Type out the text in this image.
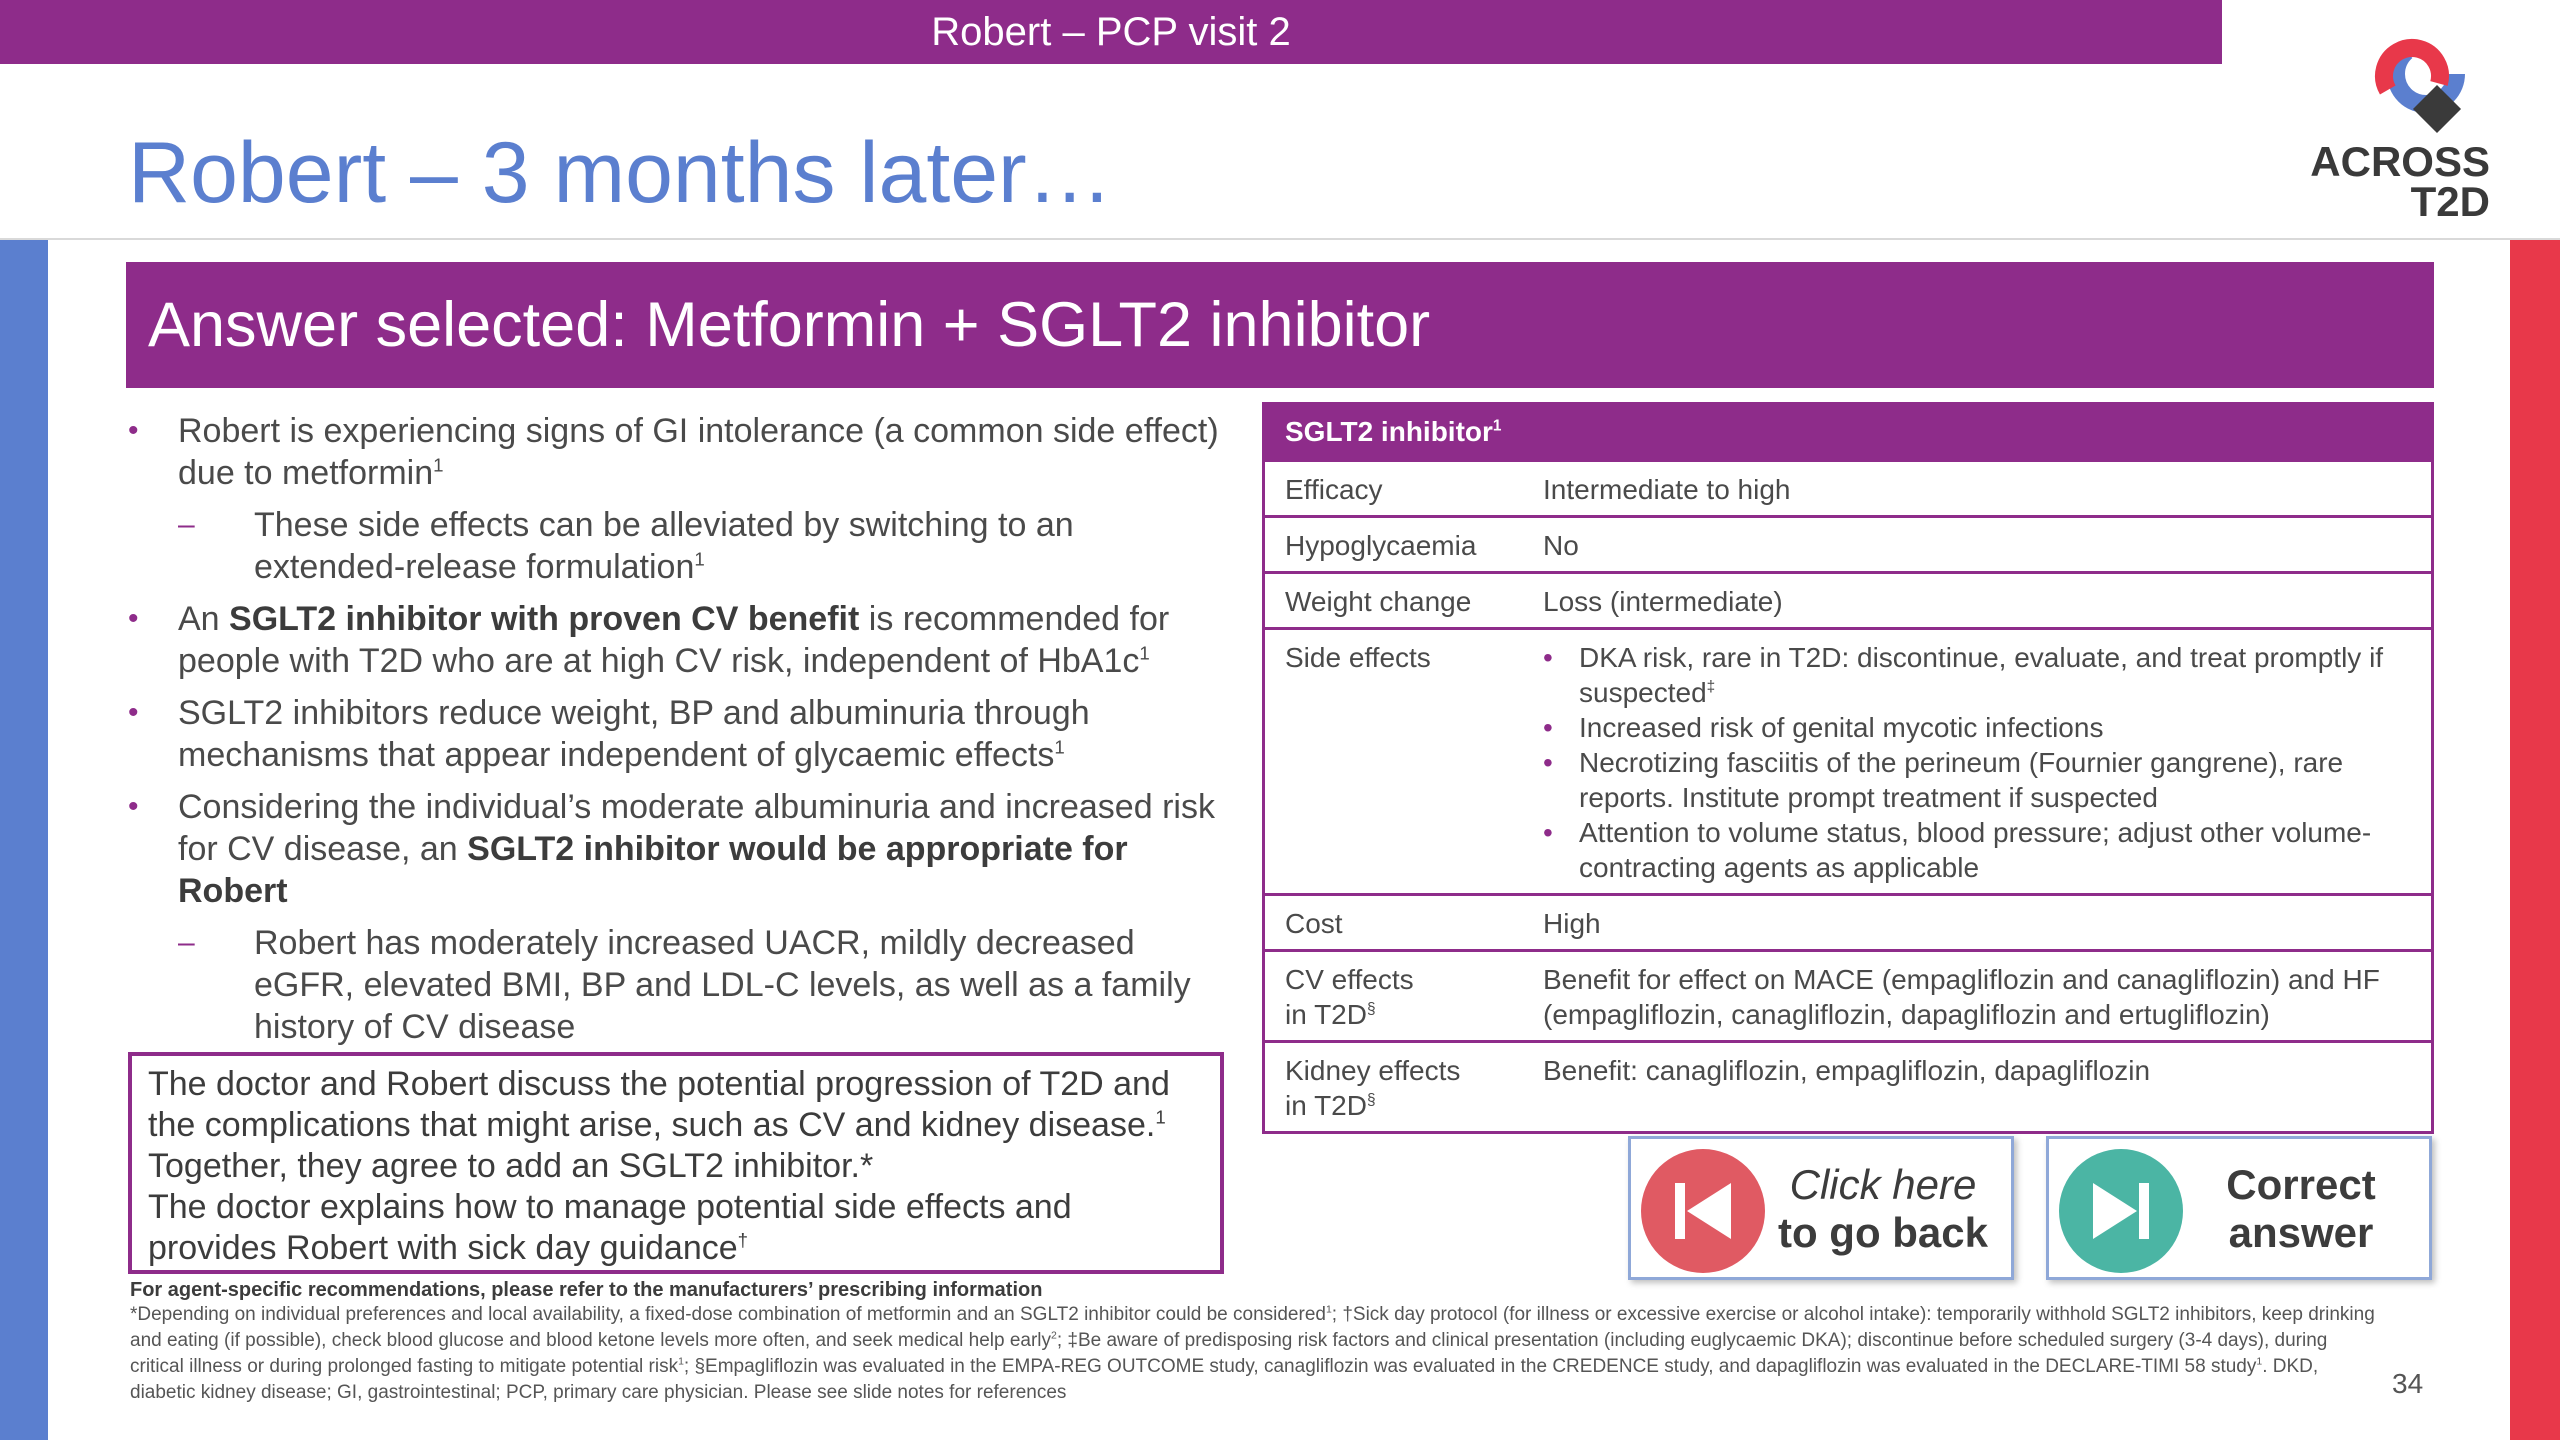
Robert – PCP visit 2
Robert – 3 months later…	ACROSS
T2D
Answer selected: Metformin + SGLT2 inhibitor
• Robert is experiencing signs of GI intolerance (a common side effect) due to metformin$^1$
– These side effects can be alleviated by switching to an extended-release formulation$^1$
• An SGLT2 inhibitor with proven CV benefit is recommended for people with T2D who are at high CV risk, independent of $HbA1c^1$
• SGLT2 inhibitors reduce weight, BP and albuminuria through mechanisms that appear independent of glycaemic effects$^1$
• Considering the individual’s moderate albuminuria and increased risk for CV disease, an SGLT2 inhibitor would be appropriate for Robert
– Robert has moderately increased UACR, mildly decreased eGFR, elevated BMI, BP and LDL-C levels, as well as a family history of CV disease
The doctor and Robert discuss the potential progression of T2D and the complications that might arise, such as CV and kidney disease.$^1$
Together, they agree to add an SGLT2 inhibitor.*
The doctor explains how to manage potential side effects and provides Robert with sick day guidance†
SGLT2 inhibitor$^1$
Efficacy	Intermediate to high
Hypoglycaemia	No
Weight change	Loss (intermediate)
Side effects
•	DKA risk, rare in T2D: discontinue, evaluate, and treat promptly if suspected‡
• Increased risk of genital mycotic infections
• Necrotizing fasciitis of the perineum (Fournier gangrene), rare reports. Institute prompt treatment if suspected
• Attention to volume status, blood pressure; adjust other volume-contracting agents as applicable
Cost	High
CV effects
in T2D§
Benefit for effect on MACE (empagliflozin and canagliflozin) and HF (empagliflozin, canagliflozin, dapagliflozin and ertugliflozin)
Kidney effects
in T2D§
Benefit: canagliflozin, empagliflozin, dapagliflozin
Click here
to go back
Correct
answer
For agent-specific recommendations, please refer to the manufacturers’ prescribing information
*Depending on individual preferences and local availability, a fixed-dose combination of metformin and an SGLT2 inhibitor could be considered$^1$; †Sick day protocol (for illness or excessive exercise or alcohol intake): temporarily withhold SGLT2 inhibitors, keep drinking and eating (if possible), check blood glucose and blood ketone levels more often, and seek medical help early$^2$; ‡Be aware of predisposing risk factors and clinical presentation (including euglycaemic DKA); discontinue before scheduled surgery (3-4 days), during critical illness or during prolonged fasting to mitigate potential risk$^1$; §Empagliflozin was evaluated in the EMPA-REG OUTCOME study, canagliflozin was evaluated in the CREDENCE study, and dapagliflozin was evaluated in the DECLARE-TIMI 58 study$^1$. DKD, diabetic kidney disease; GI, gastrointestinal; PCP, primary care physician. Please see slide notes for references	34
